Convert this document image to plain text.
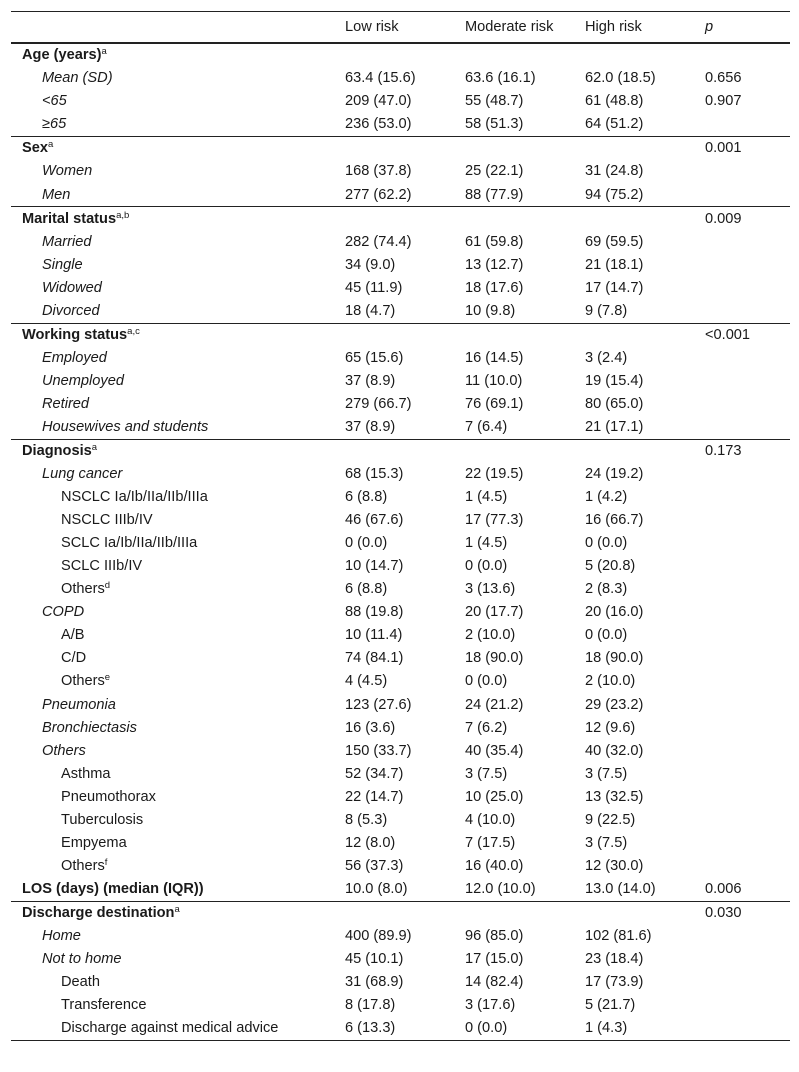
	Low risk	Moderate risk	High risk	p
Age (years)$^a$				
Mean (SD)	63.4 (15.6)	63.6 (16.1)	62.0 (18.5)	0.656
<65	209 (47.0)	55 (48.7)	61 (48.8)	0.907
≥65	236 (53.0)	58 (51.3)	64 (51.2)	
Sex$^a$				0.001
Women	168 (37.8)	25 (22.1)	31 (24.8)	
Men	277 (62.2)	88 (77.9)	94 (75.2)	
Marital status$^{a,b}$				0.009
Married	282 (74.4)	61 (59.8)	69 (59.5)	
Single	34 (9.0)	13 (12.7)	21 (18.1)	
Widowed	45 (11.9)	18 (17.6)	17 (14.7)	
Divorced	18 (4.7)	10 (9.8)	9 (7.8)	
Working status$^{a,c}$				<0.001
Employed	65 (15.6)	16 (14.5)	3 (2.4)	
Unemployed	37 (8.9)	11 (10.0)	19 (15.4)	
Retired	279 (66.7)	76 (69.1)	80 (65.0)	
Housewives and students	37 (8.9)	7 (6.4)	21 (17.1)	
Diagnosis$^a$				0.173
Lung cancer	68 (15.3)	22 (19.5)	24 (19.2)	
NSCLC Ia/Ib/IIa/IIb/IIIa	6 (8.8)	1 (4.5)	1 (4.2)	
NSCLC IIIb/IV	46 (67.6)	17 (77.3)	16 (66.7)	
SCLC Ia/Ib/IIa/IIb/IIIa	0 (0.0)	1 (4.5)	0 (0.0)	
SCLC IIIb/IV	10 (14.7)	0 (0.0)	5 (20.8)	
Others$^d$	6 (8.8)	3 (13.6)	2 (8.3)	
COPD	88 (19.8)	20 (17.7)	20 (16.0)	
A/B	10 (11.4)	2 (10.0)	0 (0.0)	
C/D	74 (84.1)	18 (90.0)	18 (90.0)	
Others$^e$	4 (4.5)	0 (0.0)	2 (10.0)	
Pneumonia	123 (27.6)	24 (21.2)	29 (23.2)	
Bronchiectasis	16 (3.6)	7 (6.2)	12 (9.6)	
Others	150 (33.7)	40 (35.4)	40 (32.0)	
Asthma	52 (34.7)	3 (7.5)	3 (7.5)	
Pneumothorax	22 (14.7)	10 (25.0)	13 (32.5)	
Tuberculosis	8 (5.3)	4 (10.0)	9 (22.5)	
Empyema	12 (8.0)	7 (17.5)	3 (7.5)	
Others$^f$	56 (37.3)	16 (40.0)	12 (30.0)	
LOS (days) (median (IQR))	10.0 (8.0)	12.0 (10.0)	13.0 (14.0)	0.006
Discharge destination$^a$				0.030
Home	400 (89.9)	96 (85.0)	102 (81.6)	
Not to home	45 (10.1)	17 (15.0)	23 (18.4)	
Death	31 (68.9)	14 (82.4)	17 (73.9)	
Transference	8 (17.8)	3 (17.6)	5 (21.7)	
Discharge against medical advice	6 (13.3)	0 (0.0)	1 (4.3)	
